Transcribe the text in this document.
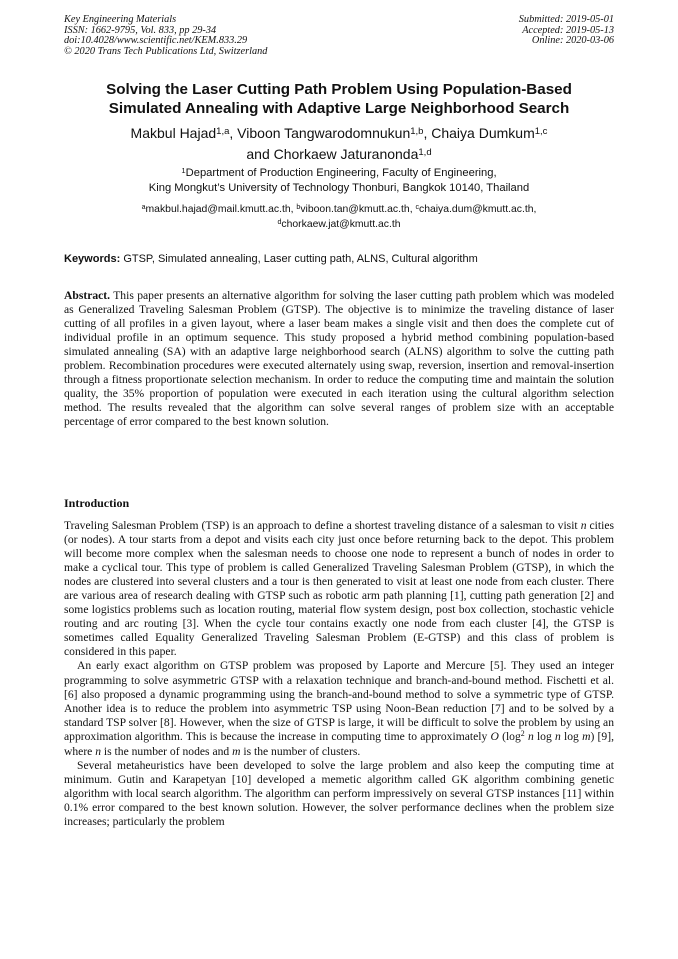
Key Engineering Materials
ISSN: 1662-9795, Vol. 833, pp 29-34
doi:10.4028/www.scientific.net/KEM.833.29
© 2020 Trans Tech Publications Ltd, Switzerland
Submitted: 2019-05-01
Accepted: 2019-05-13
Online: 2020-03-06
Solving the Laser Cutting Path Problem Using Population-Based
Simulated Annealing with Adaptive Large Neighborhood Search
Makbul Hajad$^{1,a}$, Viboon Tangwarodomnukun$^{1,b}$, Chaiya Dumkum$^{1,c}$
and Chorkaew Jaturanonda$^{1,d}$
$^1$Department of Production Engineering, Faculty of Engineering,
King Mongkut’s University of Technology Thonburi, Bangkok 10140, Thailand
$^a$makbul.hajad@mail.kmutt.ac.th, $^b$viboon.tan@kmutt.ac.th, $^c$chaiya.dum@kmutt.ac.th,
$^d$chorkaew.jat@kmutt.ac.th
Keywords: GTSP, Simulated annealing, Laser cutting path, ALNS, Cultural algorithm

Abstract. This paper presents an alternative algorithm for solving the laser cutting path problem which was modeled as Generalized Traveling Salesman Problem (GTSP). The objective is to minimize the traveling distance of laser cutting of all profiles in a given layout, where a laser beam makes a single visit and then does the complete cut of individual profile in an optimum sequence. This study proposed a hybrid method combining population-based simulated annealing (SA) with an adaptive large neighborhood search (ALNS) algorithm to solve the cutting path problem. Recombination procedures were executed alternately using swap, reversion, insertion and removal-insertion through a fitness proportionate selection mechanism. In order to reduce the computing time and maintain the solution quality, the 35% proportion of population were executed in each iteration using the cultural algorithm selection method. The results revealed that the algorithm can solve several ranges of problem size with an acceptable percentage of error compared to the best known solution.

Introduction

Traveling Salesman Problem (TSP) is an approach to define a shortest traveling distance of a salesman to visit n cities (or nodes). A tour starts from a depot and visits each city just once before returning back to the depot. This problem will become more complex when the salesman needs to choose one node to represent a bunch of nodes in order to make a cyclical tour. This type of problem is called Generalized Traveling Salesman Problem (GTSP), in which the nodes are clustered into several clusters and a tour is then generated to visit at least one node from each cluster. There are various area of research dealing with GTSP such as robotic arm path planning [1], cutting path generation [2] and some logistics problems such as location routing, material flow system design, post box collection, stochastic vehicle routing and arc routing [3]. When the cycle tour contains exactly one node from each cluster [4], the GTSP is sometimes called Equality Generalized Traveling Salesman Problem (E-GTSP) and this class of problem is considered in this paper.

An early exact algorithm on GTSP problem was proposed by Laporte and Mercure [5]. They used an integer programming to solve asymmetric GTSP with a relaxation technique and branch-and-bound method. Fischetti et al. [6] also proposed a dynamic programming using the branch-and-bound method to solve a symmetric type of GTSP. Another idea is to reduce the problem into asymmetric TSP using Noon-Bean reduction [7] and to be solved by a standard TSP solver [8]. However, when the size of GTSP is large, it will be difficult to solve the problem by using an approximation algorithm. This is because the increase in computing time to approximately O ($\log^2$ n log n log m) [9], where n is the number of nodes and m is the number of clusters.

Several metaheuristics have been developed to solve the large problem and also keep the computing time at minimum. Gutin and Karapetyan [10] developed a memetic algorithm called GK algorithm combining genetic algorithm with local search algorithm. The algorithm can perform impressively on several GTSP instances [11] within 0.1% error compared to the best known solution. However, the solver performance declines when the problem size increases; particularly the problem
